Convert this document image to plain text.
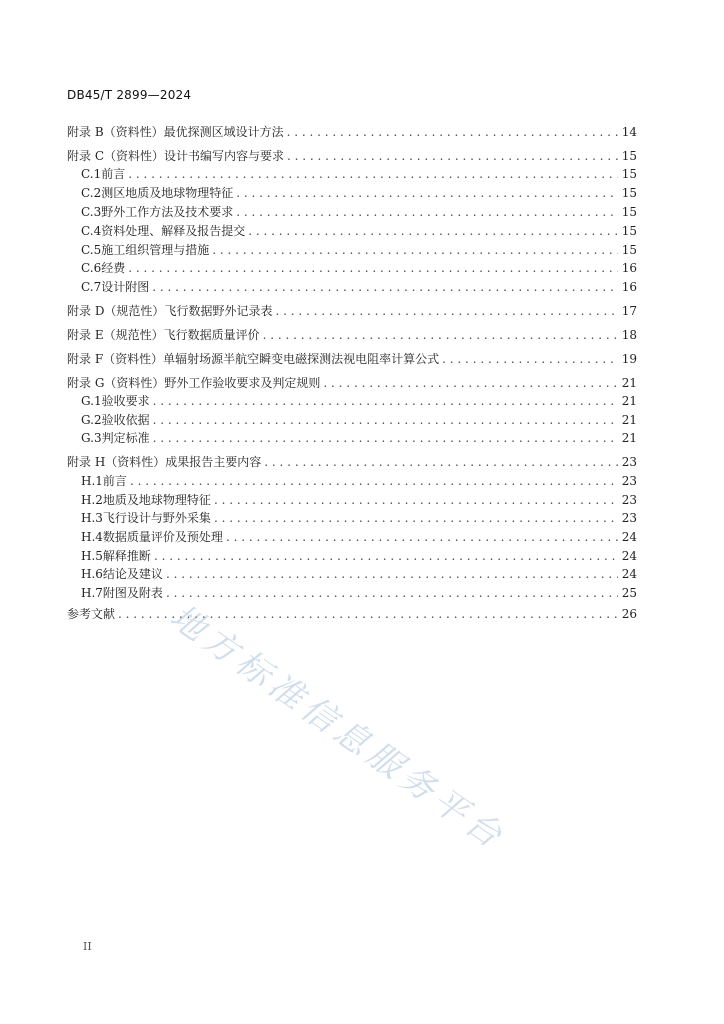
DB45/T 2899—2024
附录 B（资料性） 最优探测区域设计方法 . . .	14
附录 C（资料性） 设计书编写内容与要求 . . .	15
C.1 前言 . . .	15
C.2 测区地质及地球物理特征 . . .	15
C.3 野外工作方法及技术要求 . . .	15
C.4 资料处理、解释及报告提交 . . .	15
C.5 施工组织管理与措施 . . .	15
C.6 经费 . . .	16
C.7 设计附图 . . .	16
附录 D（规范性） 飞行数据野外记录表 . . .	17
附录 E（规范性） 飞行数据质量评价 . . .	18
附录 F（资料性） 单辐射场源半航空瞬变电磁探测法视电阻率计算公式 . . .	19
附录 G（资料性） 野外工作验收要求及判定规则 . . .	21
G.1 验收要求 . . .	21
G.2 验收依据 . . .	21
G.3 判定标准 . . .	21
附录 H（资料性） 成果报告主要内容 . . .	23
H.1 前言 . . .	23
H.2 地质及地球物理特征 . . .	23
H.3 飞行设计与野外采集 . . .	23
H.4 数据质量评价及预处理 . . .	24
H.5 解释推断 . . .	24
H.6 结论及建议 . . .	24
H.7 附图及附表 . . .	25
参考文献 . . .	26
II
地方标准信息服务平台
